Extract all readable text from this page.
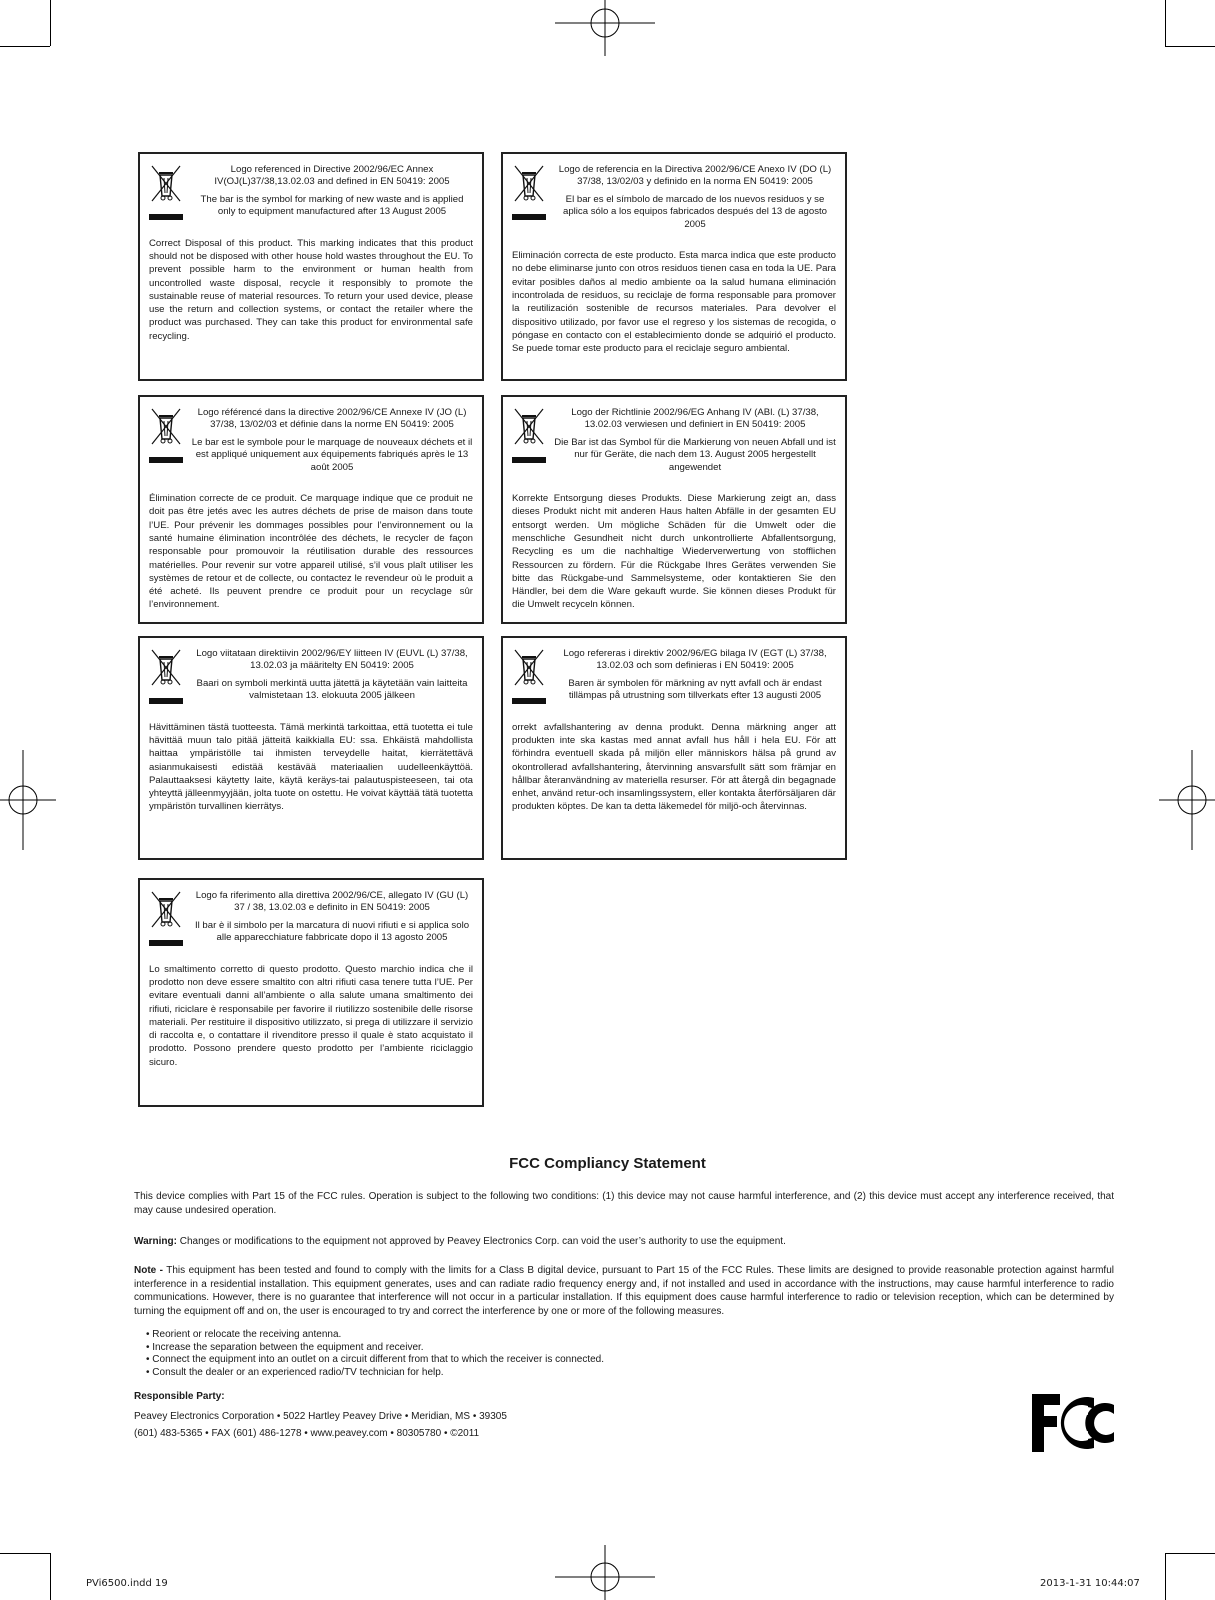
Logo referenced in Directive 2002/96/EC Annex IV(OJ(L)37/38,13.02.03 and defined in EN 50419: 2005

The bar is the symbol for marking of new waste and is applied only to equipment manufactured after 13 August 2005

Correct Disposal of this product. This marking indicates that this product should not be disposed with other house hold wastes throughout the EU. To prevent possible harm to the environment or human health from uncontrolled waste disposal, recycle it responsibly to promote the sustainable reuse of material resources. To return your used device, please use the return and collection systems, or contact the retailer where the product was purchased. They can take this product for environmental safe recycling.

Logo de referencia en la Directiva 2002/96/CE Anexo IV (DO (L) 37/38, 13/02/03 y definido en la norma EN 50419: 2005

El bar es el símbolo de marcado de los nuevos residuos y se aplica sólo a los equipos fabricados después del 13 de agosto 2005

Eliminación correcta de este producto. Esta marca indica que este producto no debe eliminarse junto con otros residuos tienen casa en toda la UE. Para evitar posibles daños al medio ambiente oa la salud humana eliminación incontrolada de residuos, su reciclaje de forma responsable para promover la reutilización sostenible de recursos materiales. Para devolver el dispositivo utilizado, por favor use el regreso y los sistemas de recogida, o póngase en contacto con el establecimiento donde se adquirió el producto. Se puede tomar este producto para el reciclaje seguro ambiental.

Logo référencé dans la directive 2002/96/CE Annexe IV (JO (L) 37/38, 13/02/03 et définie dans la norme EN 50419: 2005

Le bar est le symbole pour le marquage de nouveaux déchets et il est appliqué uniquement aux équipements fabriqués après le 13 août 2005

Élimination correcte de ce produit. Ce marquage indique que ce produit ne doit pas être jetés avec les autres déchets de prise de maison dans toute l’UE. Pour prévenir les dommages possibles pour l’environnement ou la santé humaine élimination incontrôlée des déchets, le recycler de façon responsable pour promouvoir la réutilisation durable des ressources matérielles. Pour revenir sur votre appareil utilisé, s’il vous plaît utiliser les systèmes de retour et de collecte, ou contactez le revendeur où le produit a été acheté. Ils peuvent prendre ce produit pour un recyclage sûr l’environnement.

Logo der Richtlinie 2002/96/EG Anhang IV (ABl. (L) 37/38, 13.02.03 verwiesen und definiert in EN 50419: 2005

Die Bar ist das Symbol für die Markierung von neuen Abfall und ist nur für Geräte, die nach dem 13. August 2005 hergestellt angewendet

Korrekte Entsorgung dieses Produkts. Diese Markierung zeigt an, dass dieses Produkt nicht mit anderen Haus halten Abfälle in der gesamten EU entsorgt werden. Um mögliche Schäden für die Umwelt oder die menschliche Gesundheit nicht durch unkontrollierte Abfallentsorgung, Recycling es um die nachhaltige Wiederverwertung von stofflichen Ressourcen zu fördern. Für die Rückgabe Ihres Gerätes verwenden Sie bitte das Rückgabe-und Sammelsysteme, oder kontaktieren Sie den Händler, bei dem die Ware gekauft wurde. Sie können dieses Produkt für die Umwelt recyceln können.

Logo viitataan direktiivin 2002/96/EY liitteen IV (EUVL (L) 37/38, 13.02.03 ja määritelty EN 50419: 2005

Baari on symboli merkintä uutta jätettä ja käytetään vain laitteita valmistetaan 13. elokuuta 2005 jälkeen

Hävittäminen tästä tuotteesta. Tämä merkintä tarkoittaa, että tuotetta ei tule hävittää muun talo pitää jätteitä kaikkialla EU: ssa. Ehkäistä mahdollista haittaa ympäristölle tai ihmisten terveydelle haitat, kierrätettävä asianmukaisesti edistää kestävää materiaalien uudelleenkäyttöä. Palauttaaksesi käytetty laite, käytä keräys-tai palautuspisteeseen, tai ota yhteyttä jälleenmyyjään, jolta tuote on ostettu. He voivat käyttää tätä tuotetta ympäristön turvallinen kierrätys.

Logo refereras i direktiv 2002/96/EG bilaga IV (EGT (L) 37/38, 13.02.03 och som definieras i EN 50419: 2005

Baren är symbolen för märkning av nytt avfall och är endast tillämpas på utrustning som tillverkats efter 13 augusti 2005

orrekt avfallshantering av denna produkt. Denna märkning anger att produkten inte ska kastas med annat avfall hus håll i hela EU. För att förhindra eventuell skada på miljön eller människors hälsa på grund av okontrollerad avfallshantering, återvinning ansvarsfullt sätt som främjar en hållbar återanvändning av materiella resurser. För att återgå din begagnade enhet, använd retur-och insamlingssystem, eller kontakta återförsäljaren där produkten köptes. De kan ta detta läkemedel för miljö-och återvinnas.

Logo fa riferimento alla direttiva 2002/96/CE, allegato IV (GU (L) 37 / 38, 13.02.03 e definito in EN 50419: 2005

Il bar è il simbolo per la marcatura di nuovi rifiuti e si applica solo alle apparecchiature fabbricate dopo il 13 agosto 2005

Lo smaltimento corretto di questo prodotto. Questo marchio indica che il prodotto non deve essere smaltito con altri rifiuti casa tenere tutta l’UE. Per evitare eventuali danni all’ambiente o alla salute umana smaltimento dei rifiuti, riciclare è responsabile per favorire il riutilizzo sostenibile delle risorse materiali. Per restituire il dispositivo utilizzato, si prega di utilizzare il servizio di raccolta e, o contattare il rivenditore presso il quale è stato acquistato il prodotto. Possono prendere questo prodotto per l’ambiente riciclaggio sicuro.
FCC Compliancy Statement
This device complies with Part 15 of the FCC rules. Operation is subject to the following two conditions: (1) this device may not cause harmful interference, and (2) this device must accept any interference received, that may cause undesired operation.
Warning: Changes or modifications to the equipment not approved by Peavey Electronics Corp. can void the user’s authority to use the equipment.
Note - This equipment has been tested and found to comply with the limits for a Class B digital device, pursuant to Part 15 of the FCC Rules. These limits are designed to provide reasonable protection against harmful interference in a residential installation. This equipment generates, uses and can radiate radio frequency energy and, if not installed and used in accordance with the instructions, may cause harmful interference to radio communications. However, there is no guarantee that interference will not occur in a particular installation. If this equipment does cause harmful interference to radio or television reception, which can be determined by turning the equipment off and on, the user is encouraged to try and correct the interference by one or more of the following measures.
• Reorient or relocate the receiving antenna.
• Increase the separation between the equipment and receiver.
• Connect the equipment into an outlet on a circuit different from that to which the receiver is connected.
• Consult the dealer or an experienced radio/TV technician for help.
Responsible Party:
Peavey Electronics Corporation • 5022 Hartley Peavey Drive • Meridian, MS • 39305
(601) 483-5365 • FAX (601) 486-1278 • www.peavey.com • 80305780 • ©2011
PVi6500.indd 19	2013-1-31 10:44:07
